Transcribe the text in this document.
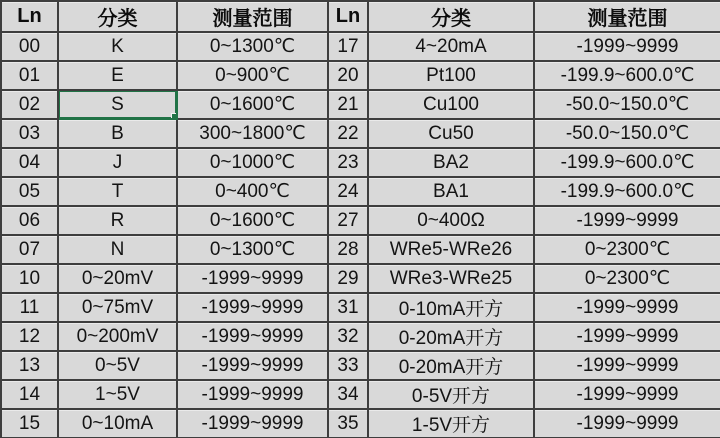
Ln	分类	测量范围	Ln	分类	测量范围
00	K	0~1300℃	17	4~20mA	-1999~9999
01	E	0~900℃	20	Pt100	-199.9~600.0℃
02	S	0~1600℃	21	Cu100	-50.0~150.0℃
03	B	300~1800℃	22	Cu50	-50.0~150.0℃
04	J	0~1000℃	23	BA2	-199.9~600.0℃
05	T	0~400℃	24	BA1	-199.9~600.0℃
06	R	0~1600℃	27	0~400Ω	-1999~9999
07	N	0~1300℃	28	WRe5-WRe26	0~2300℃
10	0~20mV	-1999~9999	29	WRe3-WRe25	0~2300℃
11	0~75mV	-1999~9999	31	0-10mA开方	-1999~9999
12	0~200mV	-1999~9999	32	0-20mA开方	-1999~9999
13	0~5V	-1999~9999	33	0-20mA开方	-1999~9999
14	1~5V	-1999~9999	34	0-5V开方	-1999~9999
15	0~10mA	-1999~9999	35	1-5V开方	-1999~9999
